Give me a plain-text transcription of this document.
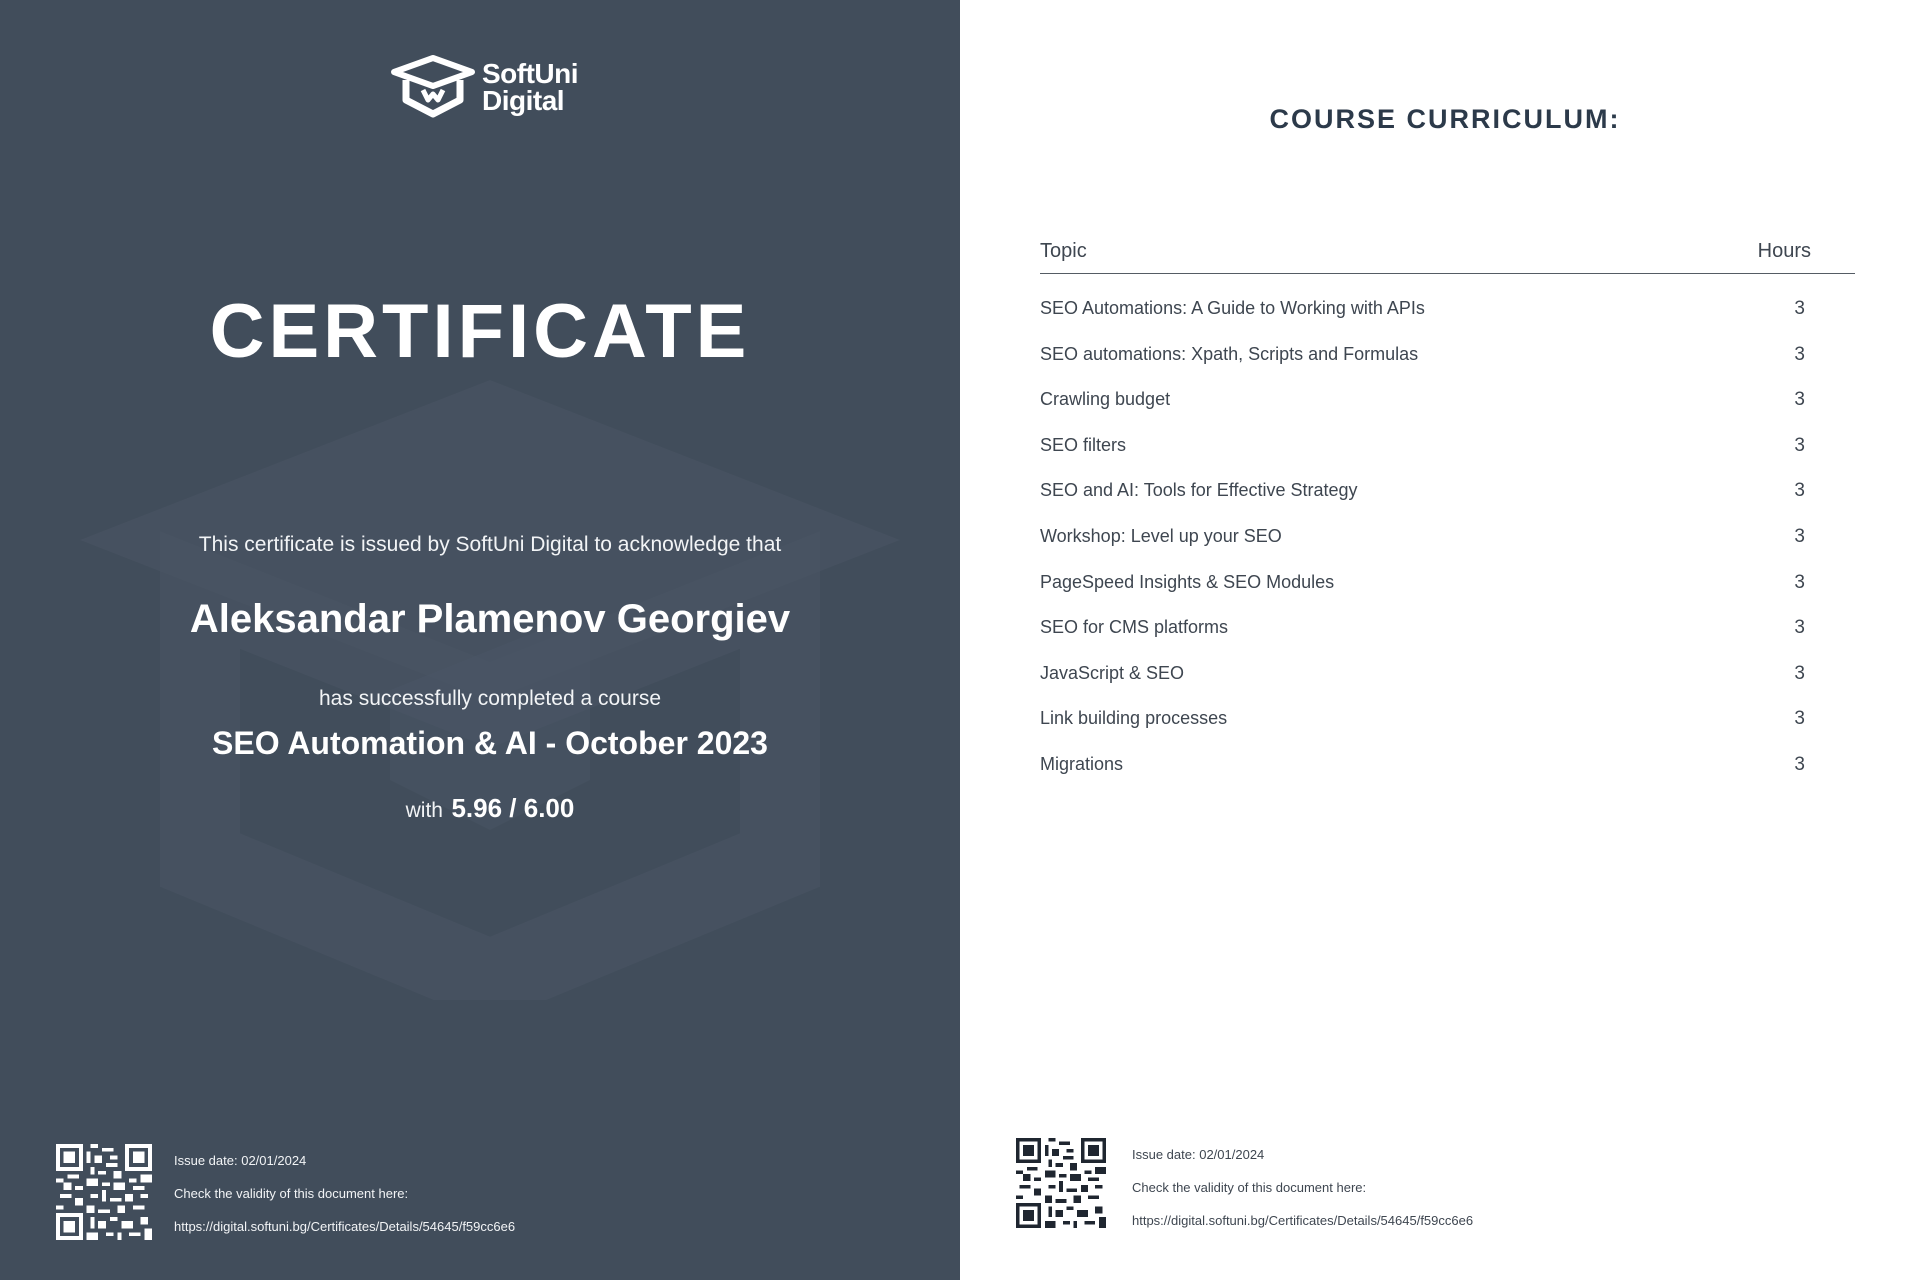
SoftUni
Digital
CERTIFICATE

This certificate is issued by SoftUni Digital to acknowledge that

Aleksandar Plamenov Georgiev

has successfully completed a course

SEO Automation & AI - October 2023
with 5.96 / 6.00
Issue date: 02/01/2024
Check the validity of this document here:
https://digital.softuni.bg/Certificates/Details/54645/f59cc6e6
COURSE CURRICULUM:
Topic	Hours
SEO Automations: A Guide to Working with APIs	3
SEO automations: Xpath, Scripts and Formulas	3
Crawling budget	3
SEO filters	3
SEO and AI: Tools for Effective Strategy	3
Workshop: Level up your SEO	3
PageSpeed Insights & SEO Modules	3
SEO for CMS platforms	3
JavaScript & SEO	3
Link building processes	3
Migrations	3
Issue date: 02/01/2024
Check the validity of this document here:
https://digital.softuni.bg/Certificates/Details/54645/f59cc6e6
